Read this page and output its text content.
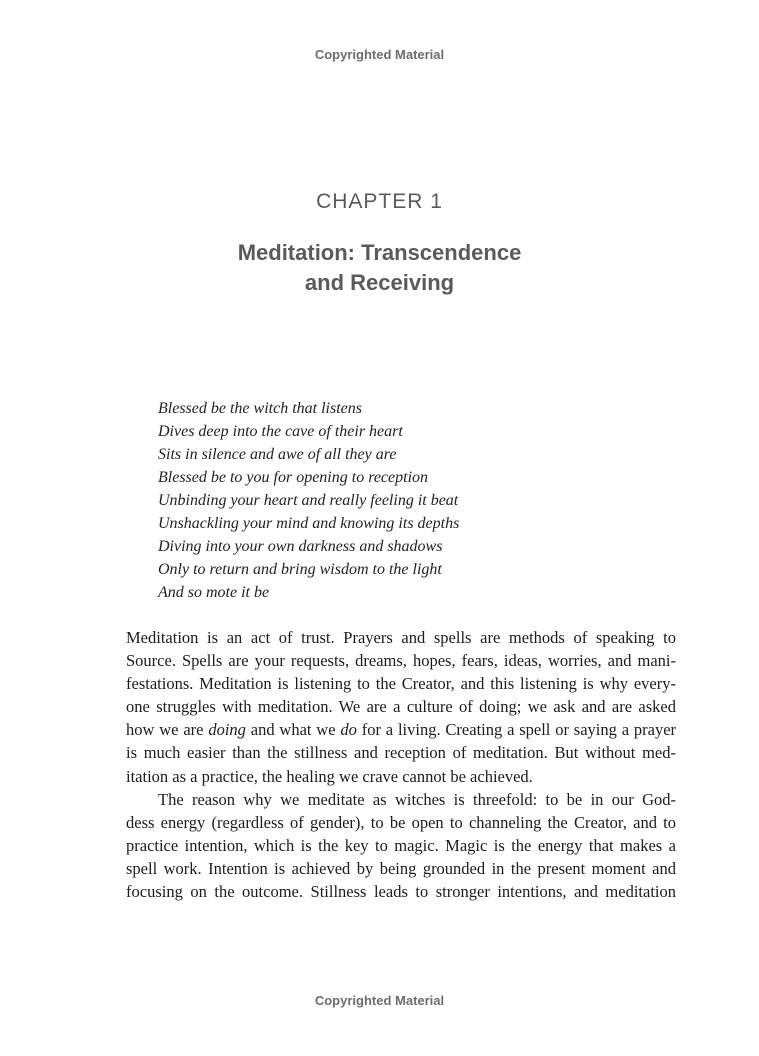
Copyrighted Material
CHAPTER 1
Meditation: Transcendence
and Receiving
Blessed be the witch that listens
Dives deep into the cave of their heart
Sits in silence and awe of all they are
Blessed be to you for opening to reception
Unbinding your heart and really feeling it beat
Unshackling your mind and knowing its depths
Diving into your own darkness and shadows
Only to return and bring wisdom to the light
And so mote it be
Meditation is an act of trust. Prayers and spells are methods of speaking to
Source. Spells are your requests, dreams, hopes, fears, ideas, worries, and mani-
festations. Meditation is listening to the Creator, and this listening is why every-
one struggles with meditation. We are a culture of doing; we ask and are asked
how we are doing and what we do for a living. Creating a spell or saying a prayer
is much easier than the stillness and reception of meditation. But without med-
itation as a practice, the healing we crave cannot be achieved.
The reason why we meditate as witches is threefold: to be in our God-
dess energy (regardless of gender), to be open to channeling the Creator, and to
practice intention, which is the key to magic. Magic is the energy that makes a
spell work. Intention is achieved by being grounded in the present moment and
focusing on the outcome. Stillness leads to stronger intentions, and meditation
Copyrighted Material
